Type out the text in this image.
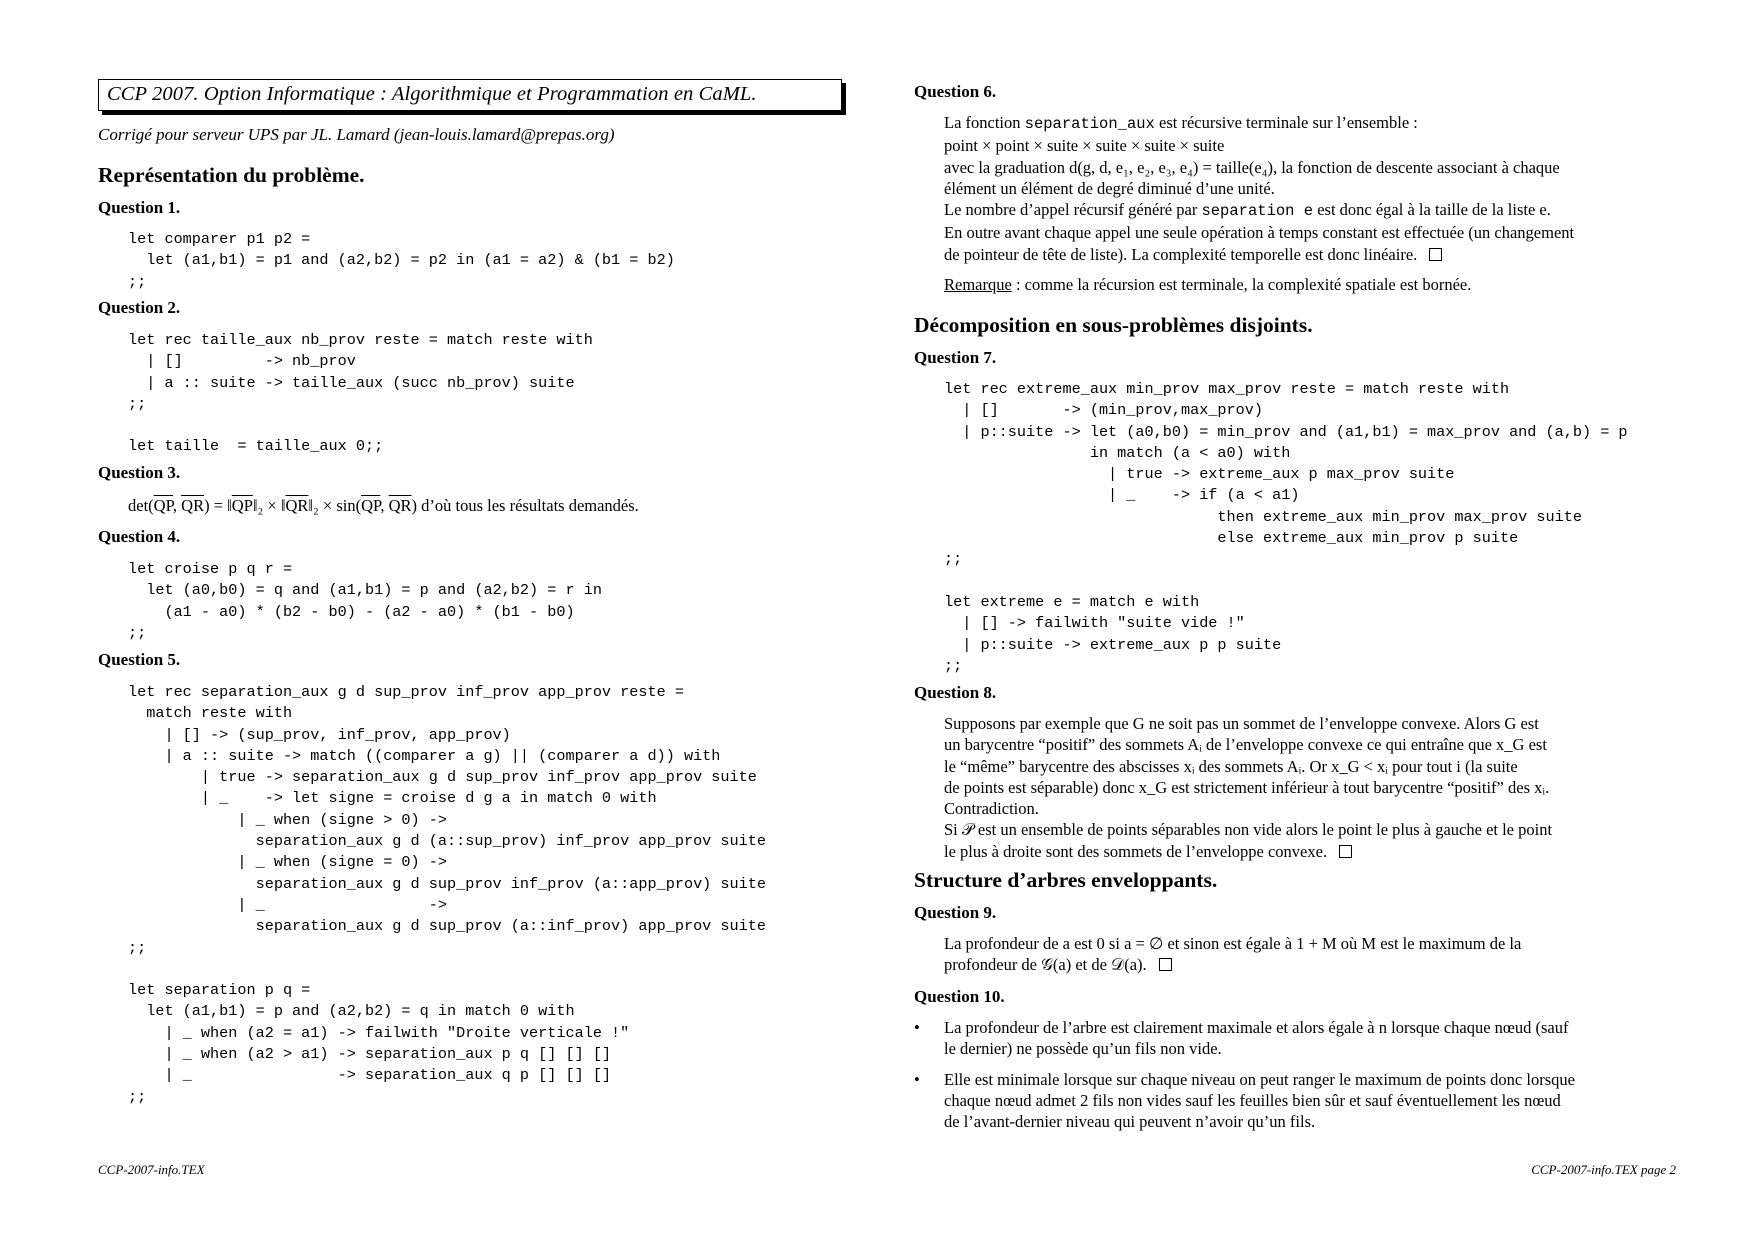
CCP 2007. Option Informatique : Algorithmique et Programmation en CaML.
Corrigé pour serveur UPS par JL. Lamard (jean-louis.lamard@prepas.org)
Représentation du problème.
Question 1.
let comparer p1 p2 =
let (a1,b1) = p1 and (a2,b2) = p2 in (a1 = a2) & (b1 = b2)
;;
Question 2.
let rec taille_aux nb_prov reste = match reste with
| []         -> nb_prov
| a :: suite -> taille_aux (succ nb_prov) suite
;;

let taille  = taille_aux 0;;
Question 3.
$\det(\overline{QP}$, $\overline{QR}$) = $‖\overline{QP}‖_2$ × $‖\overline{QR}‖_2 \times \sin(\overline{QP}$, $\overline{QR}$) d’où tous les résultats demandés.
Question 4.
let croise p q r =
let (a0,b0) = q and (a1,b1) = p and (a2,b2) = r in
(a1 - a0) * (b2 - b0) - (a2 - a0) * (b1 - b0)
;;
Question 5.
let rec separation_aux g d sup_prov inf_prov app_prov reste =
match reste with
| [] -> (sup_prov, inf_prov, app_prov)
| a :: suite -> match ((comparer a g) || (comparer a d)) with
| true -> separation_aux g d sup_prov inf_prov app_prov suite
| _    -> let signe = croise d g a in match 0 with
| _ when (signe > 0) ->
separation_aux g d (a::sup_prov) inf_prov app_prov suite
| _ when (signe = 0) ->
separation_aux g d sup_prov inf_prov (a::app_prov) suite
| _                  ->
separation_aux g d sup_prov (a::inf_prov) app_prov suite
;;

let separation p q =
let (a1,b1) = p and (a2,b2) = q in match 0 with
| _ when (a2 = a1) -> failwith "Droite verticale !"
| _ when (a2 > a1) -> separation_aux p q [] [] []
| _                -> separation_aux q p [] [] []
;;
CCP-2007-info.TEX
Question 6.
La fonction separation_aux est récursive terminale sur l’ensemble :
point × point × suite × suite × suite × suite
avec la graduation d(g, d, e₁, e₂, e₃, e₄) = taille(e₄), la fonction de descente associant à chaque
élément un élément de degré diminué d’une unité.
Le nombre d’appel récursif généré par separation e est donc égal à la taille de la liste e.
En outre avant chaque appel une seule opération à temps constant est effectuée (un changement
de pointeur de tête de liste). La complexité temporelle est donc linéaire.
Remarque : comme la récursion est terminale, la complexité spatiale est bornée.
Décomposition en sous-problèmes disjoints.
Question 7.
let rec extreme_aux min_prov max_prov reste = match reste with
| []       -> (min_prov,max_prov)
| p::suite -> let (a0,b0) = min_prov and (a1,b1) = max_prov and (a,b) = p
in match (a < a0) with
| true -> extreme_aux p max_prov suite
| _    -> if (a < a1)
then extreme_aux min_prov max_prov suite
else extreme_aux min_prov p suite
;;

let extreme e = match e with
| [] -> failwith "suite vide !"
| p::suite -> extreme_aux p p suite
;;
Question 8.
Supposons par exemple que G ne soit pas un sommet de l’enveloppe convexe. Alors G est
un barycentre “positif” des sommets Aᵢ de l’enveloppe convexe ce qui entraîne que x_G est
le “même” barycentre des abscisses xᵢ des sommets Aᵢ. Or x_G < xᵢ pour tout i (la suite
de points est séparable) donc x_G est strictement inférieur à tout barycentre “positif” des xᵢ.
Contradiction.
Si 𝒫 est un ensemble de points séparables non vide alors le point le plus à gauche et le point
le plus à droite sont des sommets de l’enveloppe convexe.
Structure d’arbres enveloppants.
Question 9.
La profondeur de a est 0 si a = ∅ et sinon est égale à 1 + M où M est le maximum de la
profondeur de 𝒢(a) et de 𝒟(a).
Question 10.
• La profondeur de l’arbre est clairement maximale et alors égale à n lorsque chaque nœud (sauf
le dernier) ne possède qu’un fils non vide.
• Elle est minimale lorsque sur chaque niveau on peut ranger le maximum de points donc lorsque
chaque nœud admet 2 fils non vides sauf les feuilles bien sûr et sauf éventuellement les nœud
de l’avant-dernier niveau qui peuvent n’avoir qu’un fils.
CCP-2007-info.TEX page 2
